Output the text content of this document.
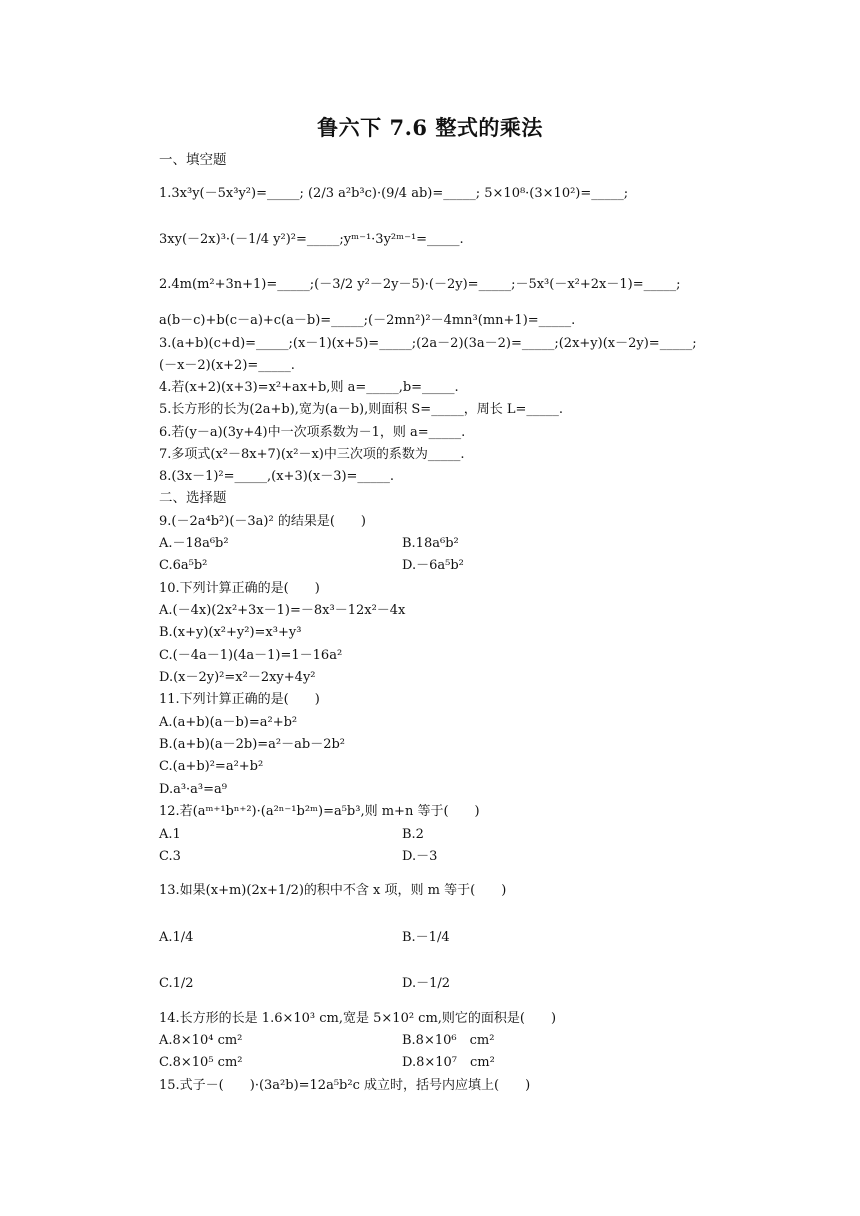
鲁六下 7.6 整式的乘法
一、填空题
1.3x³y(－5x³y²)=_____; (2/3 a²b³c)·(9/4 ab)=_____; 5×10⁸·(3×10²)=_____;
3xy(－2x)³·(－1/4 y²)²=_____;yᵐ⁻¹·3y²ᵐ⁻¹=_____.
2.4m(m²+3n+1)=_____;(－3/2 y²－2y－5)·(－2y)=_____;－5x³(－x²+2x－1)=_____;
a(b－c)+b(c－a)+c(a－b)=_____;(－2mn²)²－4mn³(mn+1)=_____.
3.(a+b)(c+d)=_____;(x－1)(x+5)=_____;(2a－2)(3a－2)=_____;(2x+y)(x－2y)=_____;
(－x－2)(x+2)=_____.
4.若(x+2)(x+3)=x²+ax+b,则 a=_____,b=_____.
5.长方形的长为(2a+b),宽为(a－b),则面积 S=_____，周长 L=_____.
6.若(y－a)(3y+4)中一次项系数为－1，则 a=_____.
7.多项式(x²－8x+7)(x²－x)中三次项的系数为_____.
8.(3x－1)²=_____,(x+3)(x－3)=_____.
二、选择题
9.(－2a⁴b²)(－3a)² 的结果是(　　)
A.－18a⁶b²	B.18a⁶b²
C.6a⁵b²	D.－6a⁵b²
10.下列计算正确的是(　　)
A.(－4x)(2x²+3x－1)=－8x³－12x²－4x
B.(x+y)(x²+y²)=x³+y³
C.(－4a－1)(4a－1)=1－16a²
D.(x－2y)²=x²－2xy+4y²
11.下列计算正确的是(　　)
A.(a+b)(a－b)=a²+b²
B.(a+b)(a－2b)=a²－ab－2b²
C.(a+b)²=a²+b²
D.a³·a³=a⁹
12.若(aᵐ⁺¹bⁿ⁺²)·(a²ⁿ⁻¹b²ᵐ)=a⁵b³,则 m+n 等于(　　)
A.1	B.2
C.3	D.－3
13.如果(x+m)(2x+1/2)的积中不含 x 项，则 m 等于(　　)
A.1/4	B.－1/4
C.1/2	D.－1/2
14.长方形的长是 1.6×10³ cm,宽是 5×10² cm,则它的面积是(　　)
A.8×10⁴ cm²	B.8×10⁶　cm²
C.8×10⁵ cm²	D.8×10⁷　cm²
15.式子－(　　)·(3a²b)=12a⁵b²c 成立时，括号内应填上(　　)
